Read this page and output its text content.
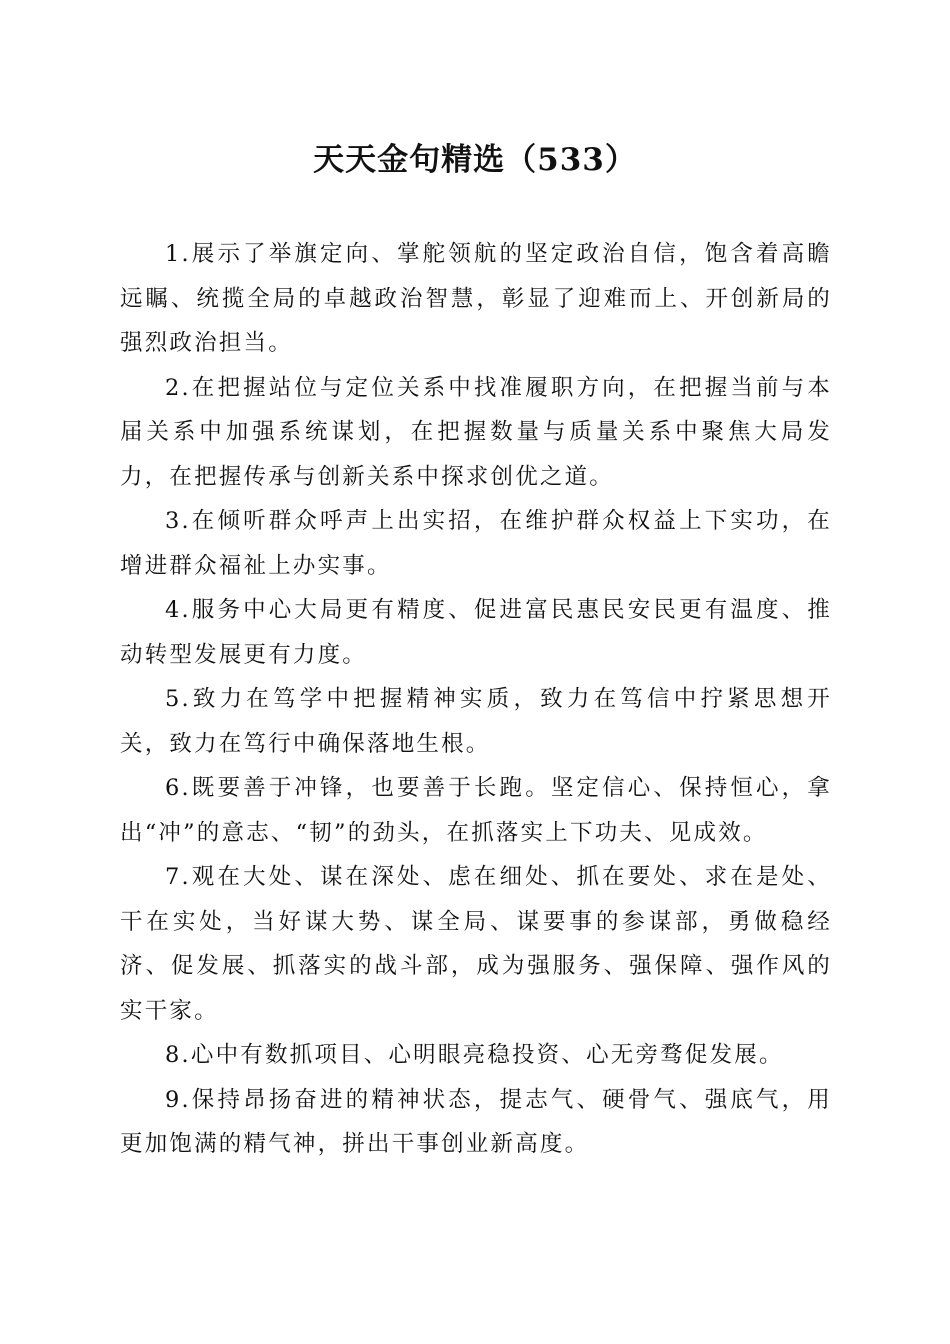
天天金句精选（533）

1.展示了举旗定向、掌舵领航的坚定政治自信，饱含着高瞻远瞩、统揽全局的卓越政治智慧，彰显了迎难而上、开创新局的强烈政治担当。

2.在把握站位与定位关系中找准履职方向，在把握当前与本届关系中加强系统谋划，在把握数量与质量关系中聚焦大局发力，在把握传承与创新关系中探求创优之道。

3.在倾听群众呼声上出实招，在维护群众权益上下实功，在增进群众福祉上办实事。

4.服务中心大局更有精度、促进富民惠民安民更有温度、推动转型发展更有力度。

5.致力在笃学中把握精神实质，致力在笃信中拧紧思想开关，致力在笃行中确保落地生根。

6.既要善于冲锋，也要善于长跑。坚定信心、保持恒心，拿出“冲”的意志、“韧”的劲头，在抓落实上下功夫、见成效。

7.观在大处、谋在深处、虑在细处、抓在要处、求在是处、干在实处，当好谋大势、谋全局、谋要事的参谋部，勇做稳经济、促发展、抓落实的战斗部，成为强服务、强保障、强作风的实干家。

8.心中有数抓项目、心明眼亮稳投资、心无旁骛促发展。

9.保持昂扬奋进的精神状态，提志气、硬骨气、强底气，用更加饱满的精气神，拼出干事创业新高度。
